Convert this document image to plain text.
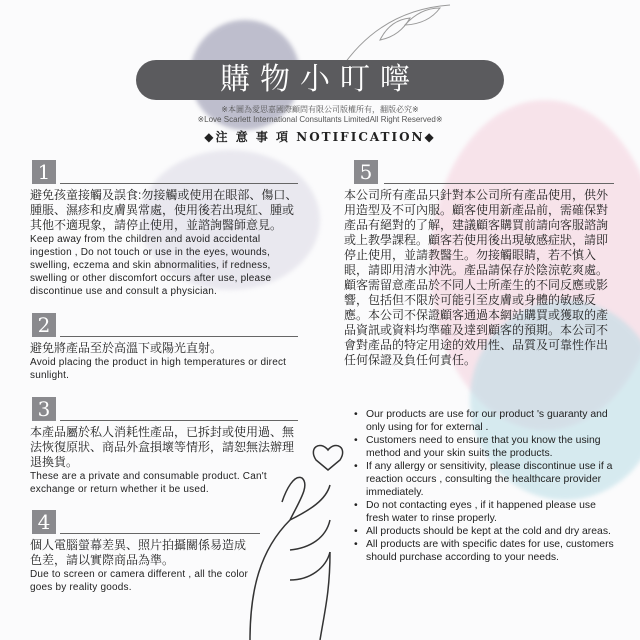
購物小叮嚀
※本圖為愛思嘉國際顧問有限公司版權所有，翻版必究※
※Love Scarlett International Consultants LimitedAll Right Reserved※
◆注 意 事 項 NOTIFICATION◆
1

避免孩童接觸及誤食:勿接觸或使用在眼部、傷口、腫脹、濕疹和皮膚異常處，使用後若出現紅、腫或其他不適現象，請停止使用，並諮詢醫師意見。

Keep away from the children and avoid accidental ingestion , Do not touch or use in the eyes, wounds, swelling, eczema and skin abnormalities, if redness, swelling or other discomfort occurs after use, please discontinue use and consult a physician.

2

避免將產品至於高溫下或陽光直射。

Avoid placing the product in high temperatures or direct sunlight.

3

本產品屬於私人消耗性產品，已拆封或使用過、無法恢復原狀、商品外盒損壞等情形，請恕無法辦理退換貨。

These are a private and consumable product. Can't exchange or return whether it be used.

4

個人電腦螢幕差異、照片拍攝關係易造成色差，請以實際商品為準。

Due to screen or camera different , all the color goes by reality goods.

5

本公司所有產品只針對本公司所有產品使用，供外用造型及不可內服。顧客使用新產品前，需確保對產品有絕對的了解，建議顧客購買前請向客服諮詢或上教學課程。顧客若使用後出現敏感症狀，請即停止使用，並請教醫生。勿接觸眼睛，若不慎入眼，請即用清水沖洗。產品請保存於陰涼乾爽處。

顧客需留意產品於不同人士所產生的不同反應或影響，包括但不限於可能引至皮膚或身體的敏感反應。本公司不保證顧客通過本網站購買或獲取的產品資訊或資料均準確及達到顧客的預期。本公司不會對產品的特定用途的效用性、品質及可靠性作出任何保證及負任何責任。

• Our products are use for our product 's guaranty and only using for for external .
• Customers need to ensure that you know the using method and your skin suits the products.
• If any allergy or sensitivity, please discontinue use if a reaction occurs , consulting the healthcare provider immediately.
• Do not contacting eyes , if it happened please use fresh water to rinse properly.
• All products should be kept at the cold and dry areas.
• All products are with specific dates for use, customers should purchase according to your needs.
